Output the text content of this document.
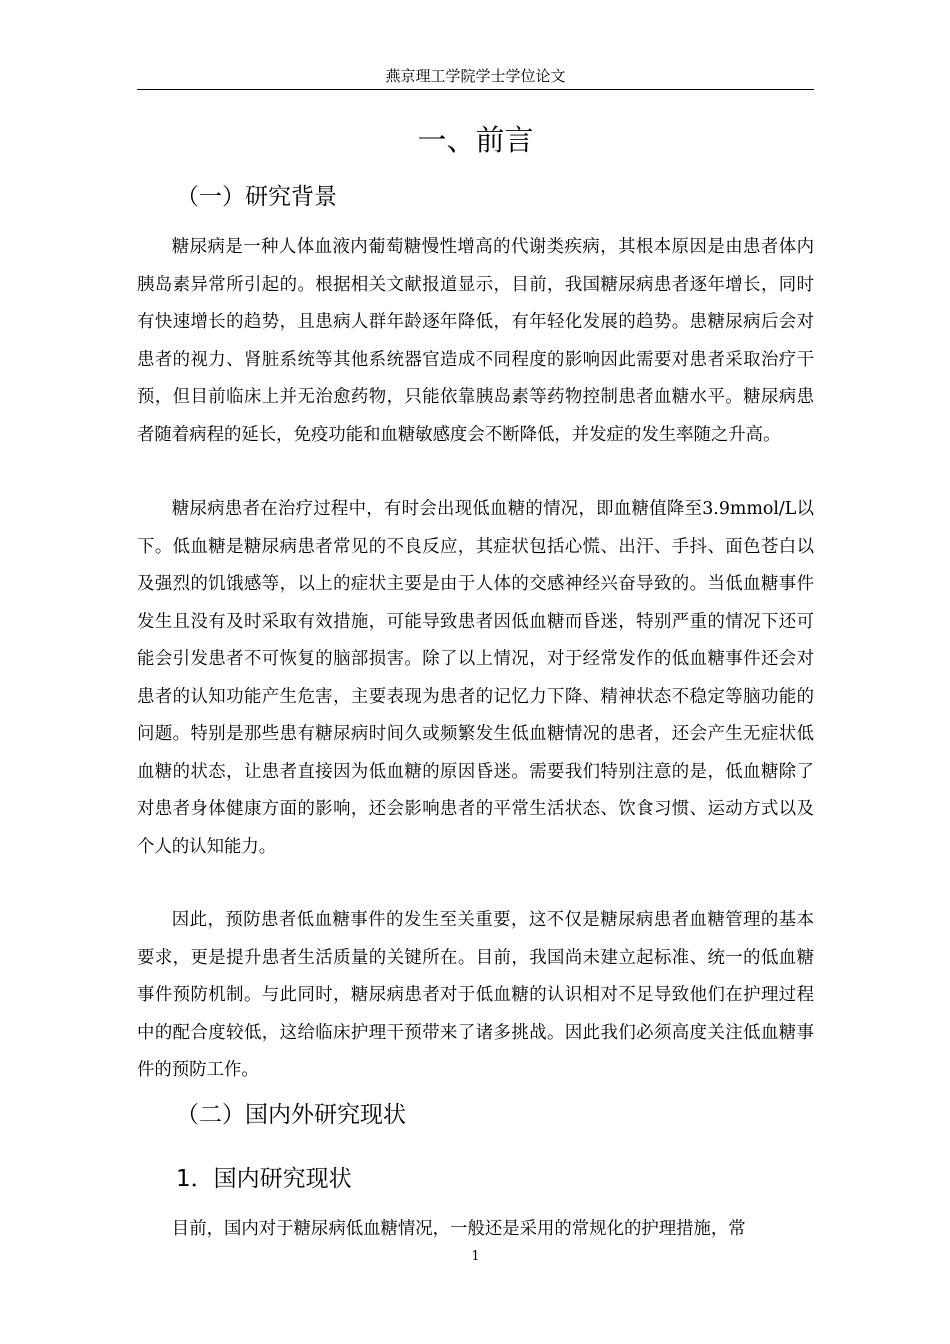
燕京理工学院学士学位论文
一、前言
（一）研究背景

糖尿病是一种人体血液内葡萄糖慢性增高的代谢类疾病，其根本原因是由患者体内胰岛素异常所引起的。根据相关文献报道显示，目前，我国糖尿病患者逐年增长，同时有快速增长的趋势，且患病人群年龄逐年降低，有年轻化发展的趋势。患糖尿病后会对患者的视力、肾脏系统等其他系统器官造成不同程度的影响因此需要对患者采取治疗干预，但目前临床上并无治愈药物，只能依靠胰岛素等药物控制患者血糖水平。糖尿病患者随着病程的延长，免疫功能和血糖敏感度会不断降低，并发症的发生率随之升高。

糖尿病患者在治疗过程中，有时会出现低血糖的情况，即血糖值降至3.9mmol/L以下。低血糖是糖尿病患者常见的不良反应，其症状包括心慌、出汗、手抖、面色苍白以及强烈的饥饿感等，以上的症状主要是由于人体的交感神经兴奋导致的。当低血糖事件发生且没有及时采取有效措施，可能导致患者因低血糖而昏迷，特别严重的情况下还可能会引发患者不可恢复的脑部损害。除了以上情况，对于经常发作的低血糖事件还会对患者的认知功能产生危害，主要表现为患者的记忆力下降、精神状态不稳定等脑功能的问题。特别是那些患有糖尿病时间久或频繁发生低血糖情况的患者，还会产生无症状低血糖的状态，让患者直接因为低血糖的原因昏迷。需要我们特别注意的是，低血糖除了对患者身体健康方面的影响，还会影响患者的平常生活状态、饮食习惯、运动方式以及个人的认知能力。

因此，预防患者低血糖事件的发生至关重要，这不仅是糖尿病患者血糖管理的基本要求，更是提升患者生活质量的关键所在。目前，我国尚未建立起标准、统一的低血糖事件预防机制。与此同时，糖尿病患者对于低血糖的认识相对不足导致他们在护理过程中的配合度较低，这给临床护理干预带来了诸多挑战。因此我们必须高度关注低血糖事件的预防工作。

（二）国内外研究现状
1．国内研究现状

目前，国内对于糖尿病低血糖情况，一般还是采用的常规化的护理措施，常

1
